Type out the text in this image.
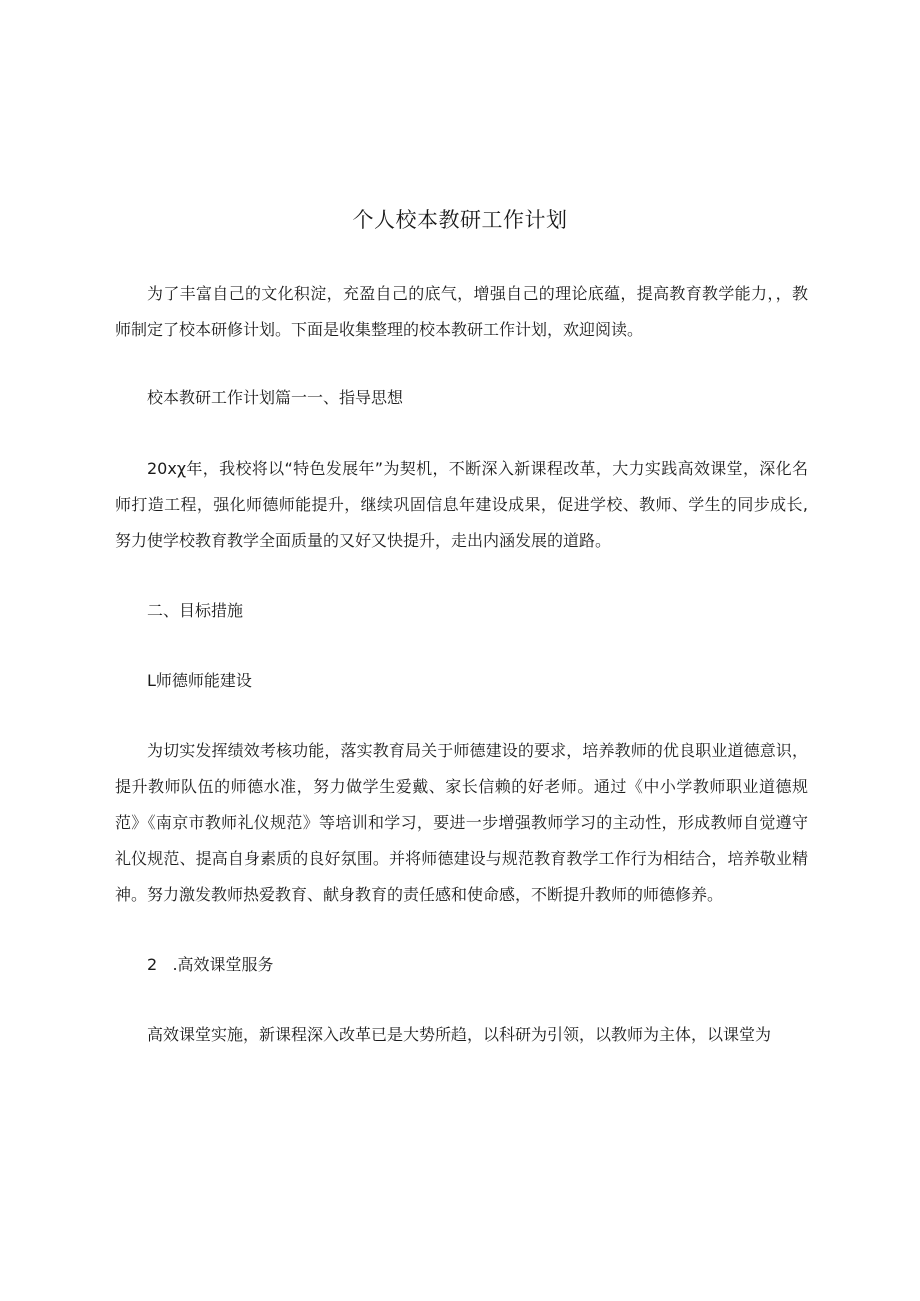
个人校本教研工作计划

为了丰富自己的文化积淀，充盈自己的底气，增强自己的理论底蕴，提高教育教学能力，，教师制定了校本研修计划。下面是收集整理的校本教研工作计划，欢迎阅读。

校本教研工作计划篇一一、指导思想

20xχ年，我校将以“特色发展年”为契机，不断深入新课程改革，大力实践高效课堂，深化名师打造工程，强化师德师能提升，继续巩固信息年建设成果，促进学校、教师、学生的同步成长,努力使学校教育教学全面质量的又好又快提升，走出内涵发展的道路。

二、目标措施

L师德师能建设

为切实发挥绩效考核功能，落实教育局关于师德建设的要求，培养教师的优良职业道德意识，提升教师队伍的师德水准，努力做学生爱戴、家长信赖的好老师。通过《中小学教师职业道德规范》《南京市教师礼仪规范》等培训和学习，要进一步增强教师学习的主动性，形成教师自觉遵守礼仪规范、提高自身素质的良好氛围。并将师德建设与规范教育教学工作行为相结合，培养敬业精神。努力激发教师热爱教育、献身教育的责任感和使命感，不断提升教师的师德修养。

2   .高效课堂服务

高效课堂实施，新课程深入改革已是大势所趋，以科研为引领，以教师为主体，以课堂为
